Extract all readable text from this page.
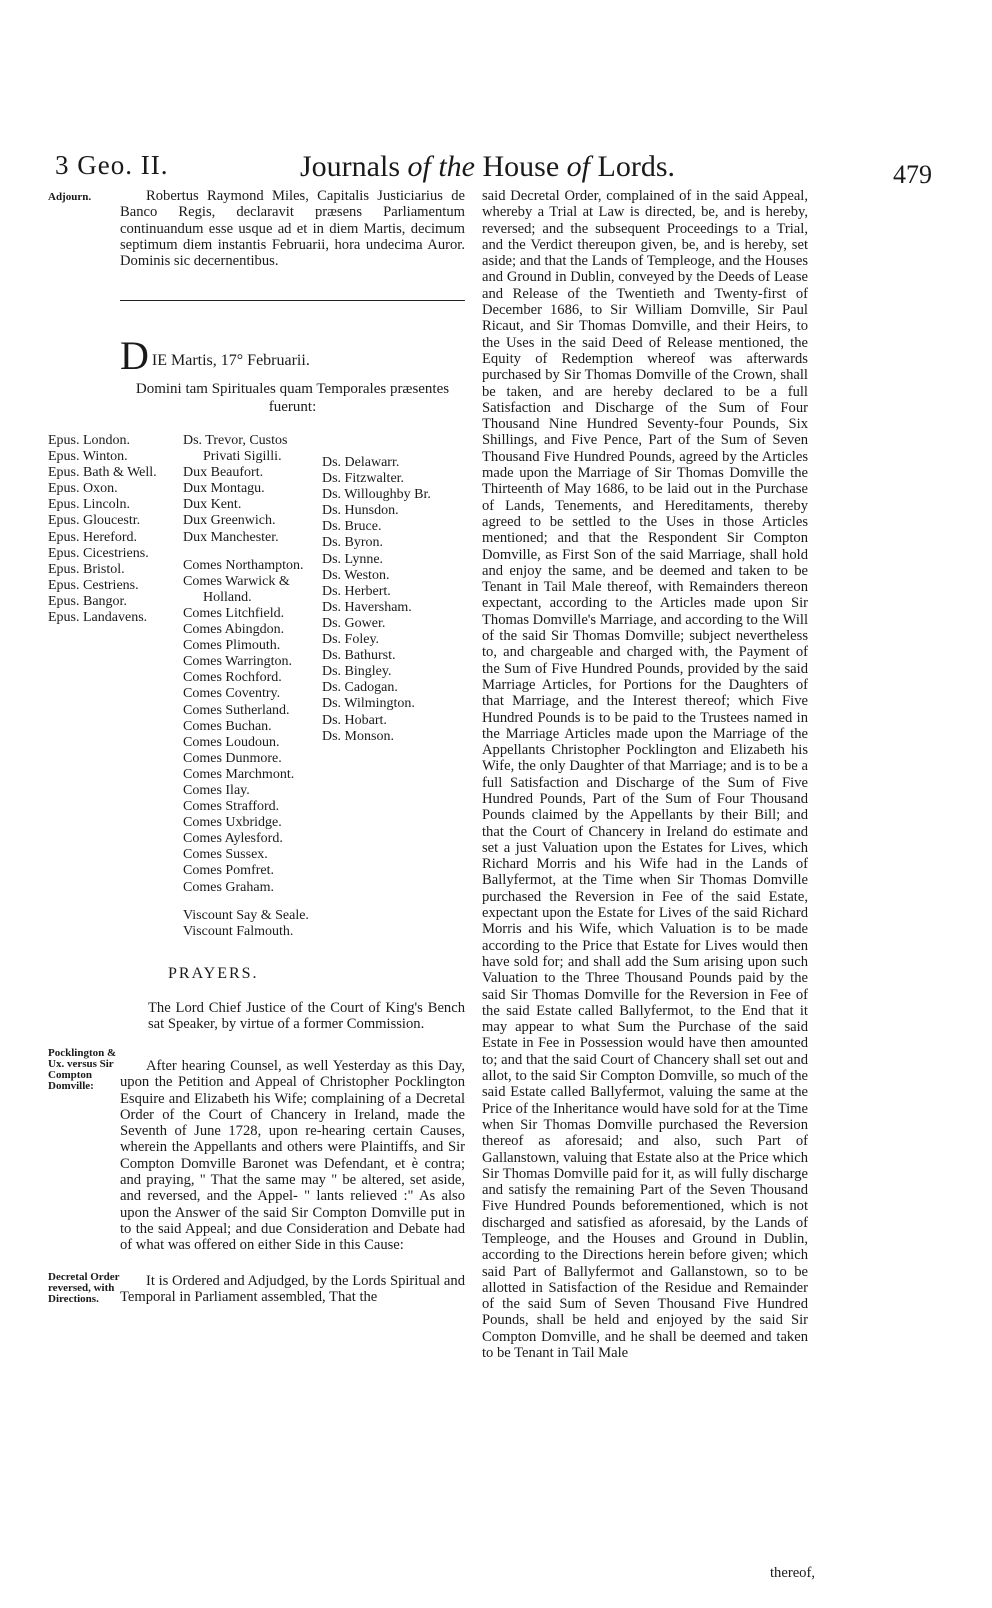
3 Geo. II.	Journals of the House of Lords.	479
Adjourn.
Pocklington & Ux. versus Sir Compton Domville:
Decretal Order reversed, with Directions.
Robertus Raymond Miles, Capitalis Justiciarius de Banco Regis, declaravit præsens Parliamentum continuandum esse usque ad et in diem Martis, decimum septimum diem instantis Februarii, hora undecima Auror. Dominis sic decernentibus.
D IE Martis, 17° Februarii.
Domini tam Spirituales quam Temporales præsentes fuerunt:
Epus. London.
Epus. Winton.
Epus. Bath & Well.
Epus. Oxon.
Epus. Lincoln.
Epus. Gloucestr.
Epus. Hereford.
Epus. Cicestriens.
Epus. Bristol.
Epus. Cestriens.
Epus. Bangor.
Epus. Landavens.
Ds. Trevor, Custos
Privati Sigilli.
Dux Beaufort.
Dux Montagu.
Dux Kent.
Dux Greenwich.
Dux Manchester.

Comes Northampton.
Comes Warwick &
Holland.
Comes Litchfield.
Comes Abingdon.
Comes Plimouth.
Comes Warrington.
Comes Rochford.
Comes Coventry.
Comes Sutherland.
Comes Buchan.
Comes Loudoun.
Comes Dunmore.
Comes Marchmont.
Comes Ilay.
Comes Strafford.
Comes Uxbridge.
Comes Aylesford.
Comes Sussex.
Comes Pomfret.
Comes Graham.

Viscount Say & Seale.
Viscount Falmouth.
Ds. Delawarr.
Ds. Fitzwalter.
Ds. Willoughby Br.
Ds. Hunsdon.
Ds. Bruce.
Ds. Byron.
Ds. Lynne.
Ds. Weston.
Ds. Herbert.
Ds. Haversham.
Ds. Gower.
Ds. Foley.
Ds. Bathurst.
Ds. Bingley.
Ds. Cadogan.
Ds. Wilmington.
Ds. Hobart.
Ds. Monson.
PRAYERS.
The Lord Chief Justice of the Court of King's Bench sat Speaker, by virtue of a former Commission.
After hearing Counsel, as well Yesterday as this Day, upon the Petition and Appeal of Christopher Pocklington Esquire and Elizabeth his Wife; complaining of a Decretal Order of the Court of Chancery in Ireland, made the Seventh of June 1728, upon re-hearing certain Causes, wherein the Appellants and others were Plaintiffs, and Sir Compton Domville Baronet was Defendant, et è contra; and praying, " That the same may " be altered, set aside, and reversed, and the Appel- " lants relieved :" As also upon the Answer of the said Sir Compton Domville put in to the said Appeal; and due Consideration and Debate had of what was offered on either Side in this Cause:
It is Ordered and Adjudged, by the Lords Spiritual and Temporal in Parliament assembled, That the
said Decretal Order, complained of in the said Appeal, whereby a Trial at Law is directed, be, and is hereby, reversed; and the subsequent Proceedings to a Trial, and the Verdict thereupon given, be, and is hereby, set aside; and that the Lands of Templeoge, and the Houses and Ground in Dublin, conveyed by the Deeds of Lease and Release of the Twentieth and Twenty-first of December 1686, to Sir William Domville, Sir Paul Ricaut, and Sir Thomas Domville, and their Heirs, to the Uses in the said Deed of Release mentioned, the Equity of Redemption whereof was afterwards purchased by Sir Thomas Domville of the Crown, shall be taken, and are hereby declared to be a full Satisfaction and Discharge of the Sum of Four Thousand Nine Hundred Seventy-four Pounds, Six Shillings, and Five Pence, Part of the Sum of Seven Thousand Five Hundred Pounds, agreed by the Articles made upon the Marriage of Sir Thomas Domville the Thirteenth of May 1686, to be laid out in the Purchase of Lands, Tenements, and Hereditaments, thereby agreed to be settled to the Uses in those Articles mentioned; and that the Respondent Sir Compton Domville, as First Son of the said Marriage, shall hold and enjoy the same, and be deemed and taken to be Tenant in Tail Male thereof, with Remainders thereon expectant, according to the Articles made upon Sir Thomas Domville's Marriage, and according to the Will of the said Sir Thomas Domville; subject nevertheless to, and chargeable and charged with, the Payment of the Sum of Five Hundred Pounds, provided by the said Marriage Articles, for Portions for the Daughters of that Marriage, and the Interest thereof; which Five Hundred Pounds is to be paid to the Trustees named in the Marriage Articles made upon the Marriage of the Appellants Christopher Pocklington and Elizabeth his Wife, the only Daughter of that Marriage; and is to be a full Satisfaction and Discharge of the Sum of Five Hundred Pounds, Part of the Sum of Four Thousand Pounds claimed by the Appellants by their Bill; and that the Court of Chancery in Ireland do estimate and set a just Valuation upon the Estates for Lives, which Richard Morris and his Wife had in the Lands of Ballyfermot, at the Time when Sir Thomas Domville purchased the Reversion in Fee of the said Estate, expectant upon the Estate for Lives of the said Richard Morris and his Wife, which Valuation is to be made according to the Price that Estate for Lives would then have sold for; and shall add the Sum arising upon such Valuation to the Three Thousand Pounds paid by the said Sir Thomas Domville for the Reversion in Fee of the said Estate called Ballyfermot, to the End that it may appear to what Sum the Purchase of the said Estate in Fee in Possession would have then amounted to; and that the said Court of Chancery shall set out and allot, to the said Sir Compton Domville, so much of the said Estate called Ballyfermot, valuing the same at the Price of the Inheritance would have sold for at the Time when Sir Thomas Domville purchased the Reversion thereof as aforesaid; and also, such Part of Gallanstown, valuing that Estate also at the Price which Sir Thomas Domville paid for it, as will fully discharge and satisfy the remaining Part of the Seven Thousand Five Hundred Pounds beforementioned, which is not discharged and satisfied as aforesaid, by the Lands of Templeoge, and the Houses and Ground in Dublin, according to the Directions herein before given; which said Part of Ballyfermot and Gallanstown, so to be allotted in Satisfaction of the Residue and Remainder of the said Sum of Seven Thousand Five Hundred Pounds, shall be held and enjoyed by the said Sir Compton Domville, and he shall be deemed and taken to be Tenant in Tail Male
thereof,
